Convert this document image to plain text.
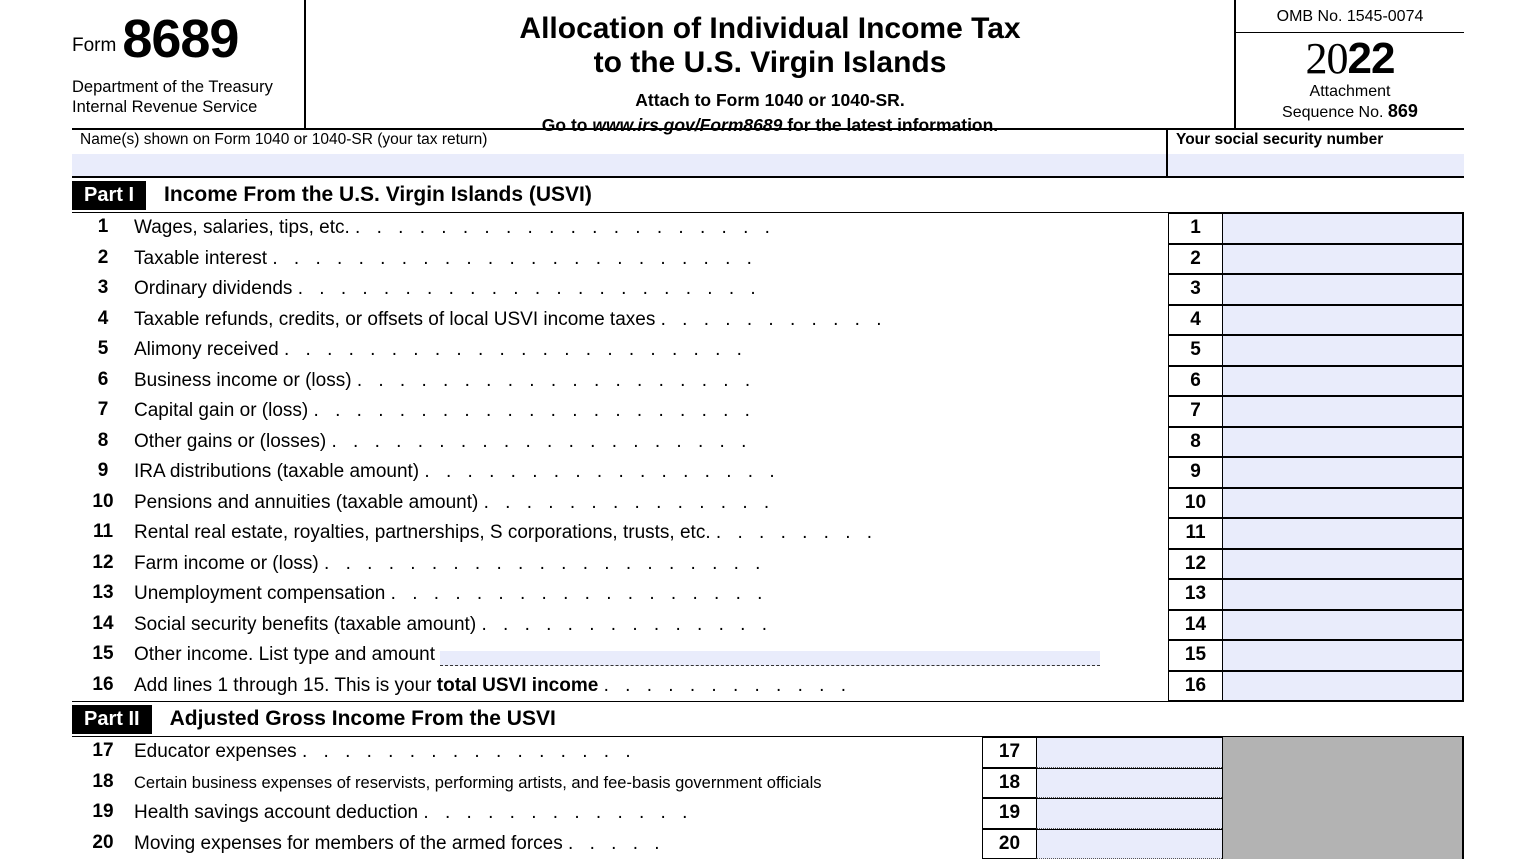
Form 8689
Department of the Treasury
Internal Revenue Service
Allocation of Individual Income Tax
to the U.S. Virgin Islands
Attach to Form 1040 or 1040-SR.
Go to www.irs.gov/Form8689 for the latest information.
OMB No. 1545-0074
2022
Attachment
Sequence No. 869
Name(s) shown on Form 1040 or 1040-SR (your tax return)	Your social security number
Part I	Income From the U.S. Virgin Islands (USVI)
1	Wages, salaries, tips, etc. . . . . . . . . . . . . . . . . . . . .	1
2	Taxable interest . . . . . . . . . . . . . . . . . . . . . . .	2
3	Ordinary dividends . . . . . . . . . . . . . . . . . . . . . .	3
4	Taxable refunds, credits, or offsets of local USVI income taxes . . . . . . . . . . .	4
5	Alimony received . . . . . . . . . . . . . . . . . . . . . .	5
6	Business income or (loss) . . . . . . . . . . . . . . . . . . .	6
7	Capital gain or (loss) . . . . . . . . . . . . . . . . . . . . .	7
8	Other gains or (losses) . . . . . . . . . . . . . . . . . . . .	8
9	IRA distributions (taxable amount) . . . . . . . . . . . . . . . . .	9
10	Pensions and annuities (taxable amount) . . . . . . . . . . . . . .	10
11	Rental real estate, royalties, partnerships, S corporations, trusts, etc. . . . . . . . .	11
12	Farm income or (loss) . . . . . . . . . . . . . . . . . . . . .	12
13	Unemployment compensation . . . . . . . . . . . . . . . . . .	13
14	Social security benefits (taxable amount) . . . . . . . . . . . . . .	14
15	Other income. List type and amount	15
16	Add lines 1 through 15. This is your total USVI income . . . . . . . . . . . .	16
Part II	Adjusted Gross Income From the USVI
17	Educator expenses . . . . . . . . . . . . . . . .	17
18	Certain business expenses of reservists, performing artists, and fee-basis government officials	18
19	Health savings account deduction . . . . . . . . . . . . .	19
20	Moving expenses for members of the armed forces . . . . .	20
